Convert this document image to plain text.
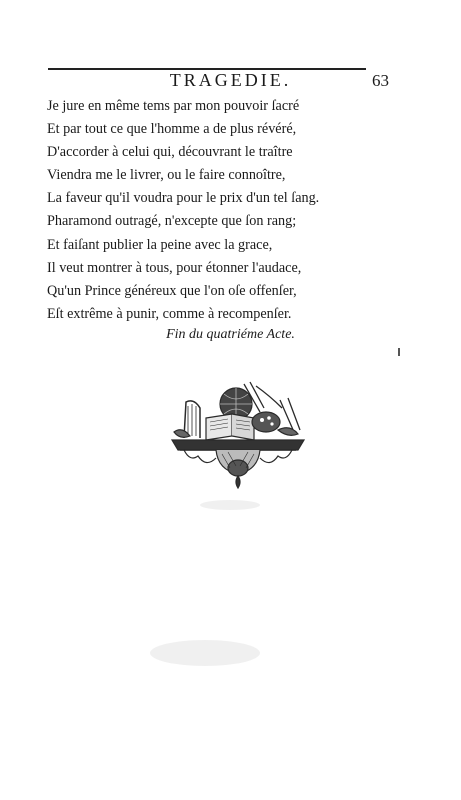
TRAGEDIE.	63
Je jure en même tems par mon pouvoir ſacré
Et par tout ce que l'homme a de plus révéré,
D'accorder à celui qui, découvrant le traître
Viendra me le livrer, ou le faire connoître,
La faveur qu'il voudra pour le prix d'un tel ſang.
Pharamond outragé, n'excepte que ſon rang;
Et faiſant publier la peine avec la grace,
Il veut montrer à tous, pour étonner l'audace,
Qu'un Prince généreux que l'on oſe offenſer,
Eſt extrême à punir, comme à recompenſer.
Fin du quatriéme Acte.
